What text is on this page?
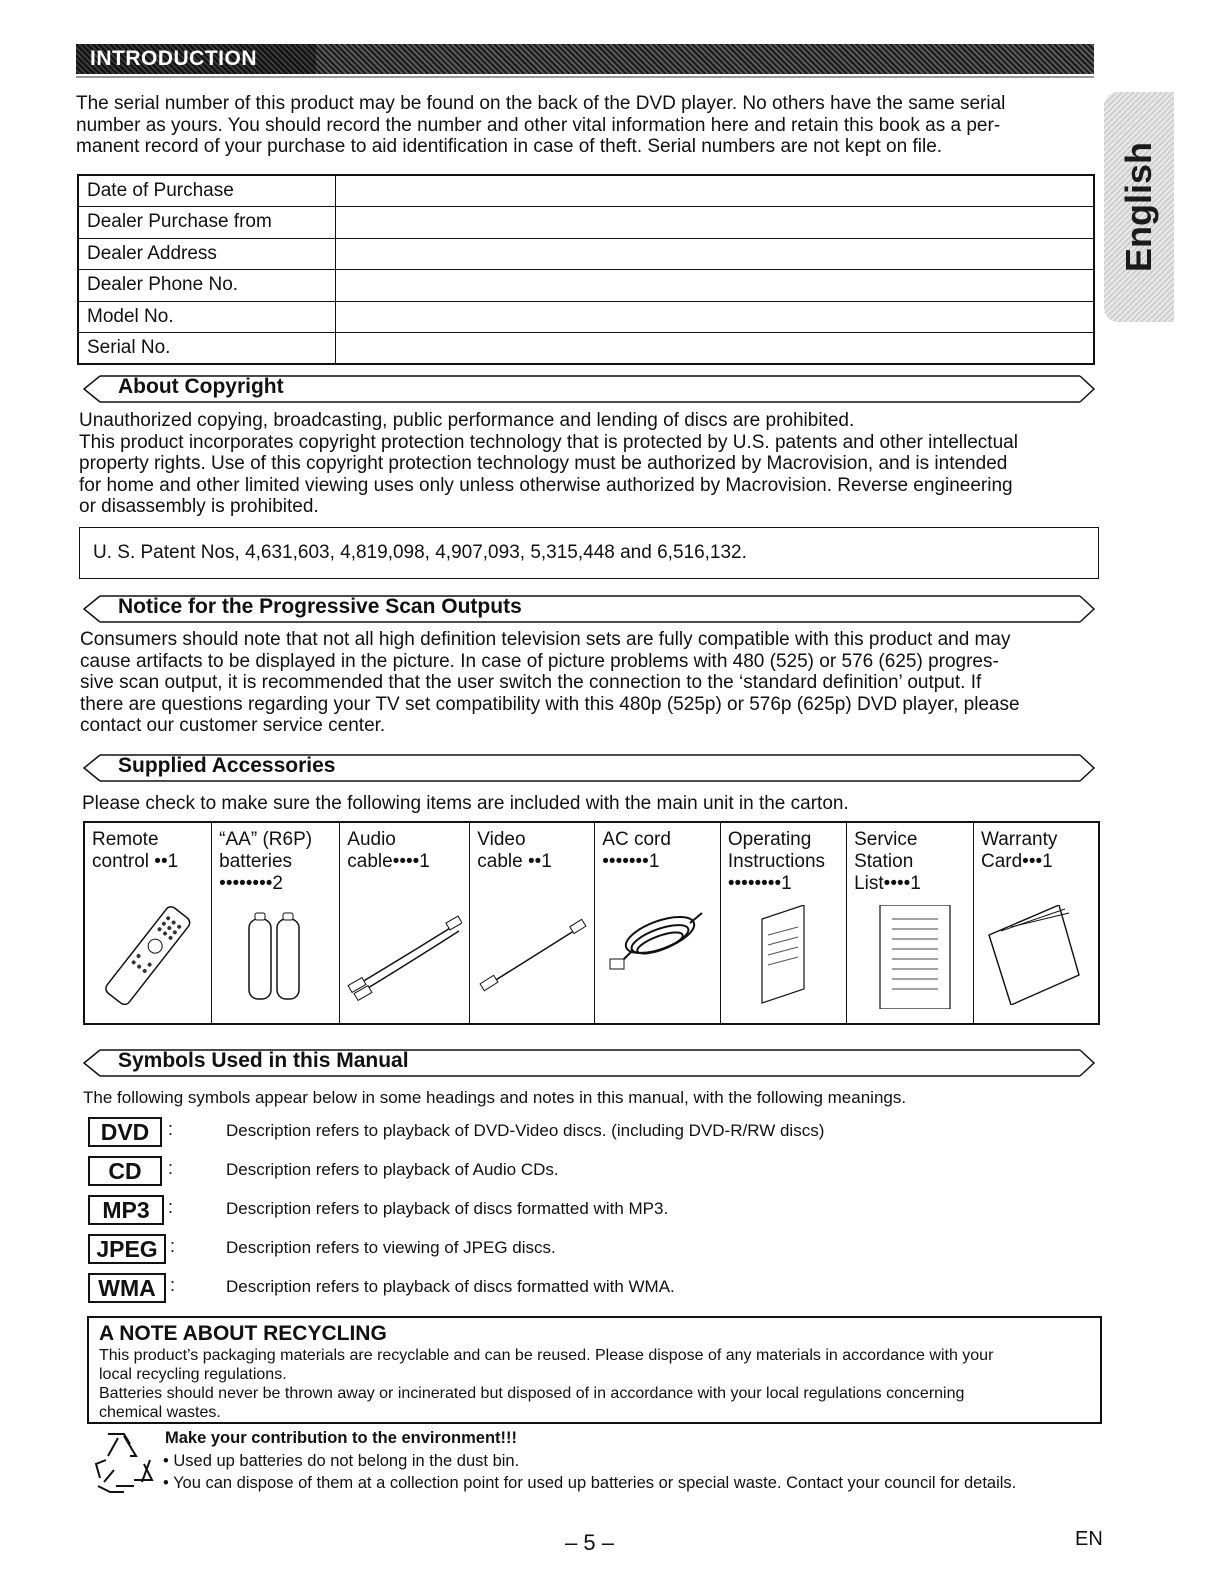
INTRODUCTION
English
The serial number of this product may be found on the back of the DVD player. No others have the same serial
number as yours. You should record the number and other vital information here and retain this book as a per-
manent record of your purchase to aid identification in case of theft. Serial numbers are not kept on file.
Date of Purchase	
Dealer Purchase from	
Dealer Address	
Dealer Phone No.	
Model No.	
Serial No.	
About Copyright
Unauthorized copying, broadcasting, public performance and lending of discs are prohibited.
This product incorporates copyright protection technology that is protected by U.S. patents and other intellectual
property rights. Use of this copyright protection technology must be authorized by Macrovision, and is intended
for home and other limited viewing uses only unless otherwise authorized by Macrovision. Reverse engineering
or disassembly is prohibited.
U. S. Patent Nos, 4,631,603, 4,819,098, 4,907,093, 5,315,448 and 6,516,132.
Notice for the Progressive Scan Outputs
Consumers should note that not all high definition television sets are fully compatible with this product and may
cause artifacts to be displayed in the picture. In case of picture problems with 480 (525) or 576 (625) progres-
sive scan output, it is recommended that the user switch the connection to the ‘standard definition’ output. If
there are questions regarding your TV set compatibility with this 480p (525p) or 576p (625p) DVD player, please
contact our customer service center.
Supplied Accessories
Please check to make sure the following items are included with the main unit in the carton.
Remote
control ••1

“AA” (R6P)
batteries
••••••••2

Audio
cable••••1

Video
cable ••1

AC cord
•••••••1

Operating
Instructions
••••••••1

Service
Station
List••••1

Warranty
Card•••1
Symbols Used in this Manual
The following symbols appear below in some headings and notes in this manual, with the following meanings.
DVD	:	Description refers to playback of DVD-Video discs. (including DVD-R/RW discs)
CD	:	Description refers to playback of Audio CDs.
MP3	:	Description refers to playback of discs formatted with MP3.
JPEG :	Description refers to viewing of JPEG discs.
WMA :	Description refers to playback of discs formatted with WMA.
A NOTE ABOUT RECYCLING

This product’s packaging materials are recyclable and can be reused. Please dispose of any materials in accordance with your

local recycling regulations.

Batteries should never be thrown away or incinerated but disposed of in accordance with your local regulations concerning

chemical wastes.

Make your contribution to the environment!!!
• Used up batteries do not belong in the dust bin.
• You can dispose of them at a collection point for used up batteries or special waste. Contact your council for details.
– 5 –	EN
